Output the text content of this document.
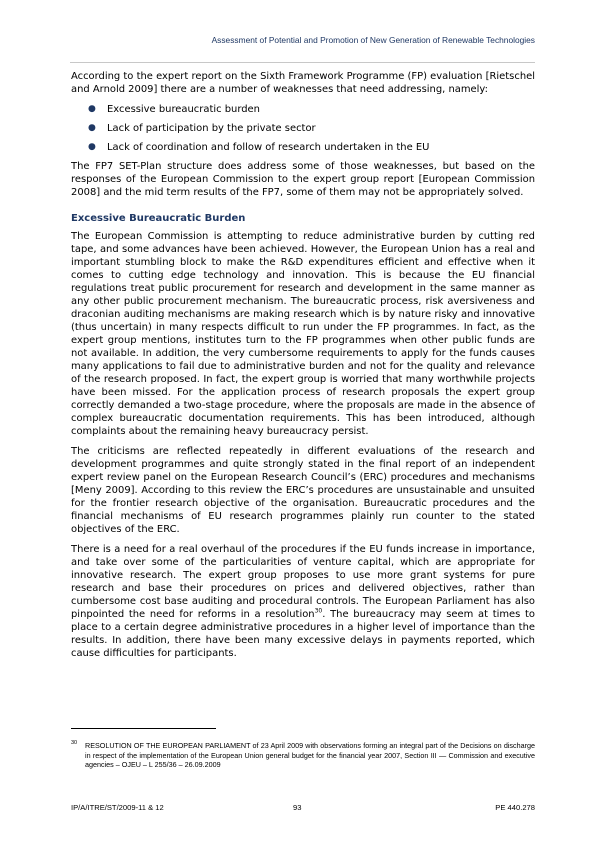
Assessment of Potential and Promotion of New Generation of Renewable Technologies

According to the expert report on the Sixth Framework Programme (FP) evaluation [Rietschel and Arnold 2009] there are a number of weaknesses that need addressing, namely:

● Excessive bureaucratic burden
● Lack of participation by the private sector
● Lack of coordination and follow of research undertaken in the EU

The FP7 SET-Plan structure does address some of those weaknesses, but based on the responses of the European Commission to the expert group report [European Commission 2008] and the mid term results of the FP7, some of them may not be appropriately solved.

Excessive Bureaucratic Burden

The European Commission is attempting to reduce administrative burden by cutting red tape, and some advances have been achieved. However, the European Union has a real and important stumbling block to make the R&D expenditures efficient and effective when it comes to cutting edge technology and innovation. This is because the EU financial regulations treat public procurement for research and development in the same manner as any other public procurement mechanism. The bureaucratic process, risk aversiveness and draconian auditing mechanisms are making research which is by nature risky and innovative (thus uncertain) in many respects difficult to run under the FP programmes. In fact, as the expert group mentions, institutes turn to the FP programmes when other public funds are not available. In addition, the very cumbersome requirements to apply for the funds causes many applications to fail due to administrative burden and not for the quality and relevance of the research proposed. In fact, the expert group is worried that many worthwhile projects have been missed. For the application process of research proposals the expert group correctly demanded a two-stage procedure, where the proposals are made in the absence of complex bureaucratic documentation requirements. This has been introduced, although complaints about the remaining heavy bureaucracy persist.

The criticisms are reflected repeatedly in different evaluations of the research and development programmes and quite strongly stated in the final report of an independent expert review panel on the European Research Council’s (ERC) procedures and mechanisms [Meny 2009]. According to this review the ERC’s procedures are unsustainable and unsuited for the frontier research objective of the organisation. Bureaucratic procedures and the financial mechanisms of EU research programmes plainly run counter to the stated objectives of the ERC.

There is a need for a real overhaul of the procedures if the EU funds increase in importance, and take over some of the particularities of venture capital, which are appropriate for innovative research. The expert group proposes to use more grant systems for pure research and base their procedures on prices and delivered objectives, rather than cumbersome cost base auditing and procedural controls. The European Parliament has also pinpointed the need for reforms in a resolution$^{30}$. The bureaucracy may seem at times to place to a certain degree administrative procedures in a higher level of importance than the results. In addition, there have been many excessive delays in payments reported, which cause difficulties for participants.

30	RESOLUTION OF THE EUROPEAN PARLIAMENT of 23 April 2009 with observations forming an integral part of the Decisions on discharge in respect of the implementation of the European Union general budget for the financial year 2007, Section III — Commission and executive agencies – OJEU – L 255/36 – 26.09.2009
IP/A/ITRE/ST/2009-11 & 12	93	PE 440.278
